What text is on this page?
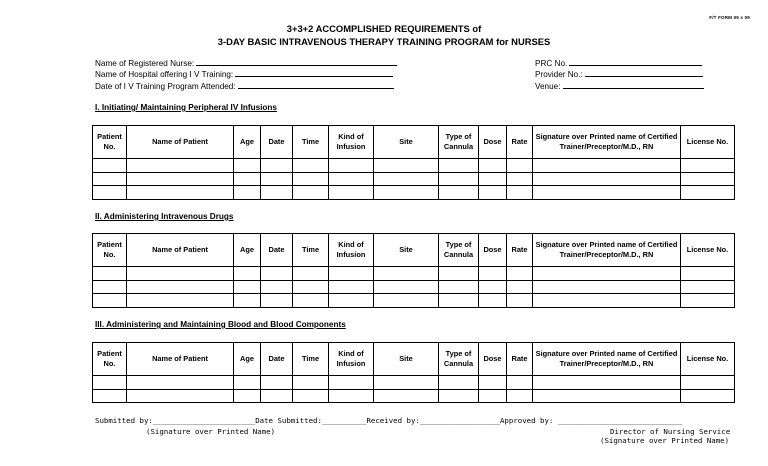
F/T FORM 09 s 09
3+3+2 ACCOMPLISHED REQUIREMENTS of
3-DAY BASIC INTRAVENOUS THERAPY TRAINING PROGRAM for NURSES
Name of Registered Nurse:
Name of Hospital offering I V Training:
Date of I V Training Program Attended:
PRC No.
Provider No.:
Venue:
I. Initiating/ Maintaining Peripheral IV Infusions
Patient No.	Name of Patient	Age	Date	Time	Kind of Infusion	Site	Type of Cannula	Dose	Rate	Signature over Printed name of Certified Trainer/Preceptor/M.D., RN	License No.

II. Administering Intravenous Drugs
Patient No.	Name of Patient	Age	Date	Time	Kind of Infusion	Site	Type of Cannula	Dose	Rate	Signature over Printed name of Certified Trainer/Preceptor/M.D., RN	License No.

III. Administering and Maintaining Blood and Blood Components
Patient No.	Name of Patient	Age	Date	Time	Kind of Infusion	Site	Type of Cannula	Dose	Rate	Signature over Printed name of Certified Trainer/Preceptor/M.D., RN	License No.

Submitted by:_______________________Date Submitted:__________Received by:__________________Approved by: ____________________________
(Signature over Printed Name)	Director of Nursing Service
(Signature over Printed Name)
